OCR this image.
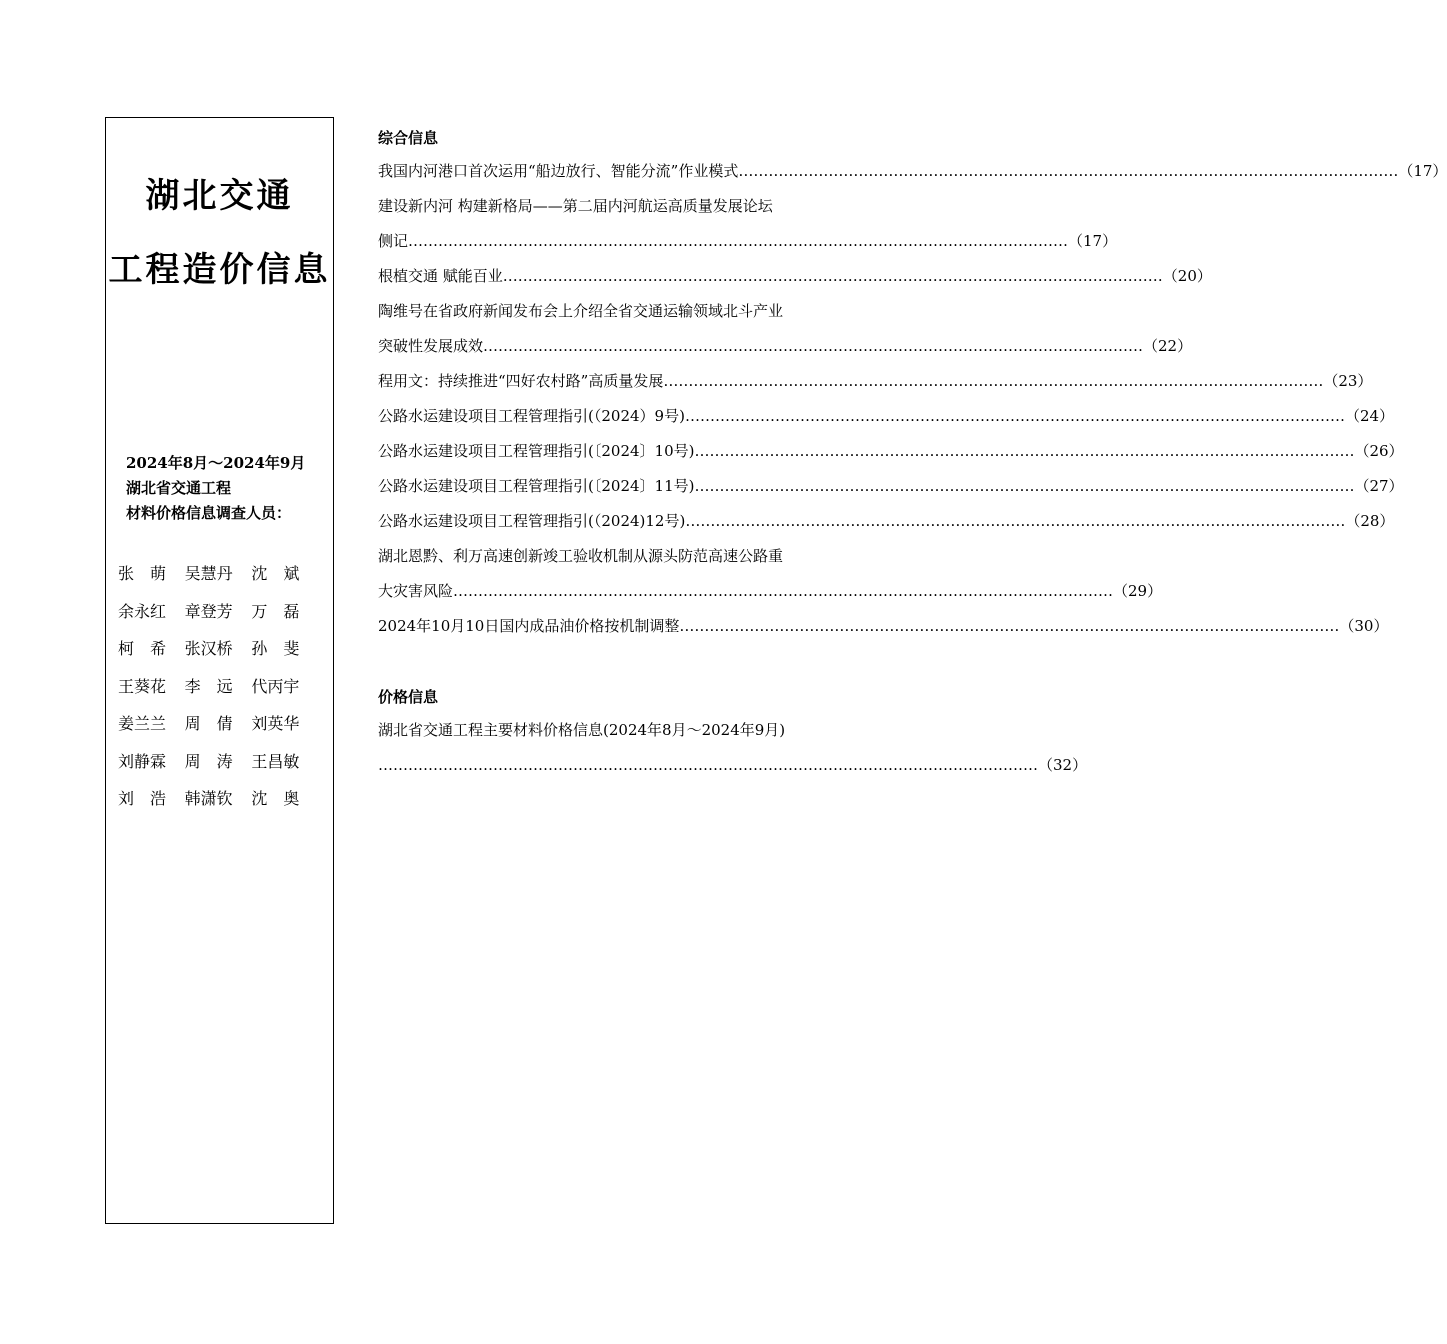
湖北交通
工程造价信息
2024年8月～2024年9月
湖北省交通工程
材料价格信息调查人员：
张　萌	吴慧丹	沈　斌
余永红	章登芳	万　磊
柯　希	张汉桥	孙　斐
王葵花	李　远	代丙宇
姜兰兰	周　倩	刘英华
刘静霖	周　涛	王昌敏
刘　浩	韩潇钦	沈　奥
综合信息
我国内河港口首次运用“船边放行、智能分流”作业模式 …………………………………………………………………………………………………………………… （17）
建设新内河 构建新格局——第二届内河航运高质量发展论坛
侧记 …………………………………………………………………………………………………………………… （17）
根植交通 赋能百业 …………………………………………………………………………………………………………………… （20）
陶维号在省政府新闻发布会上介绍全省交通运输领域北斗产业
突破性发展成效 …………………………………………………………………………………………………………………… （22）
程用文：持续推进“四好农村路”高质量发展 …………………………………………………………………………………………………………………… （23）
公路水运建设项目工程管理指引(（2024）9号) …………………………………………………………………………………………………………………… （24）
公路水运建设项目工程管理指引(〔2024〕10号) …………………………………………………………………………………………………………………… （26）
公路水运建设项目工程管理指引(〔2024〕11号) …………………………………………………………………………………………………………………… （27）
公路水运建设项目工程管理指引(（2024)12号) …………………………………………………………………………………………………………………… （28）
湖北恩黔、利万高速创新竣工验收机制从源头防范高速公路重
大灾害风险 …………………………………………………………………………………………………………………… （29）
2024年10月10日国内成品油价格按机制调整 …………………………………………………………………………………………………………………… （30）
价格信息
湖北省交通工程主要材料价格信息(2024年8月～2024年9月)
…………………………………………………………………………………………………………………… （32）
